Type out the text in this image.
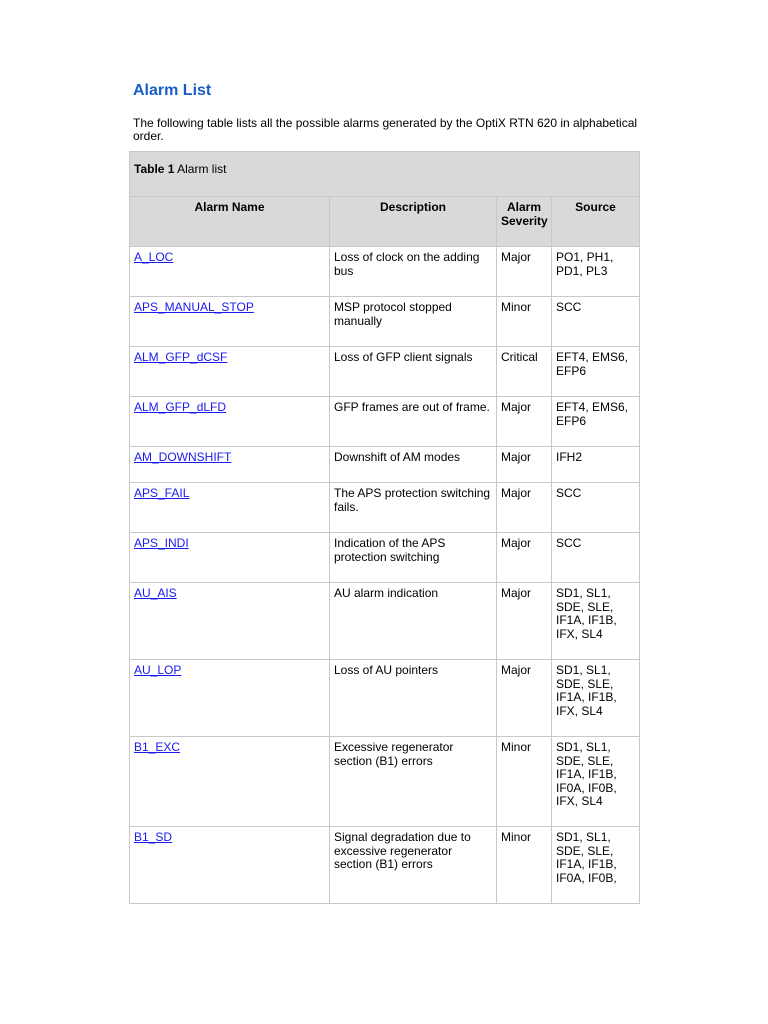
Alarm List

The following table lists all the possible alarms generated by the OptiX RTN 620 in alphabetical order.

Table 1 Alarm list			
Alarm Name	Description	Alarm Severity	Source
A_LOC	Loss of clock on the adding bus	Major	PO1, PH1, PD1, PL3
APS_MANUAL_STOP	MSP protocol stopped manually	Minor	SCC
ALM_GFP_dCSF	Loss of GFP client signals	Critical	EFT4, EMS6, EFP6
ALM_GFP_dLFD	GFP frames are out of frame.	Major	EFT4, EMS6, EFP6
AM_DOWNSHIFT	Downshift of AM modes	Major	IFH2
APS_FAIL	The APS protection switching fails.	Major	SCC
APS_INDI	Indication of the APS protection switching	Major	SCC
AU_AIS	AU alarm indication	Major	SD1, SL1, SDE, SLE, IF1A, IF1B, IFX, SL4
AU_LOP	Loss of AU pointers	Major	SD1, SL1, SDE, SLE, IF1A, IF1B, IFX, SL4
B1_EXC	Excessive regenerator section (B1) errors	Minor	SD1, SL1, SDE, SLE, IF1A, IF1B, IF0A, IF0B, IFX, SL4
B1_SD	Signal degradation due to excessive regenerator section (B1) errors	Minor	SD1, SL1, SDE, SLE, IF1A, IF1B, IF0A, IF0B,
